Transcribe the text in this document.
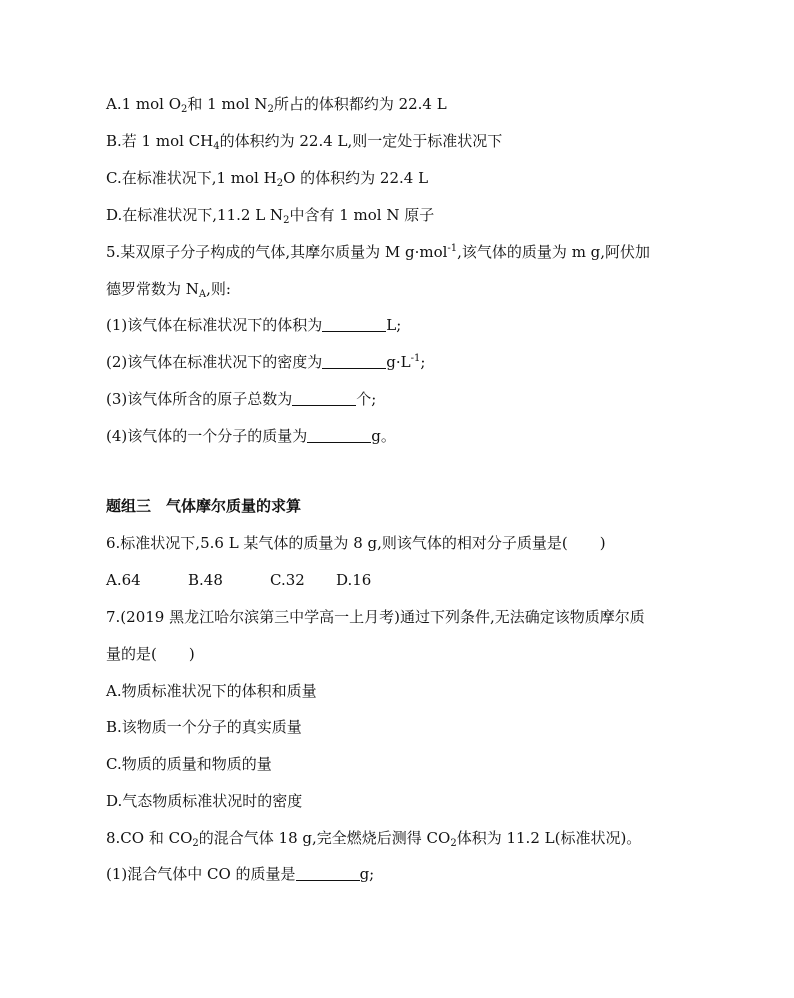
A.1 mol $O_2$和 1 mol $N_2$所占的体积都约为 22.4 L
B.若 1 mol $CH_4$的体积约为 22.4 L,则一定处于标准状况下
C.在标准状况下,1 mol $H_2O$ 的体积约为 22.4 L
D.在标准状况下,11.2 L $N_2$中含有 1 mol N 原子
5.某双原子分子构成的气体,其摩尔质量为 M g·mol$^{-1}$,该气体的质量为 m g,阿伏加
德罗常数为 $N_A$,则:
(1)该气体在标准状况下的体积为	L;
(2)该气体在标准状况下的密度为	$g\cdot L^{-1}$;
(3)该气体所含的原子总数为	个;
(4)该气体的一个分子的质量为	g。
题组三　气体摩尔质量的求算
6.标准状况下,5.6 L 某气体的质量为 8 g,则该气体的相对分子质量是( )
A.64	B.48	C.32 D.16
7.(2019 黑龙江哈尔滨第三中学高一上月考)通过下列条件,无法确定该物质摩尔质
量的是( )
A.物质标准状况下的体积和质量
B.该物质一个分子的真实质量
C.物质的质量和物质的量
D.气态物质标准状况时的密度
8.CO 和 $CO_2$的混合气体 18 g,完全燃烧后测得 $CO_2$体积为 11.2 L(标准状况)。
(1)混合气体中 CO 的质量是	g;
